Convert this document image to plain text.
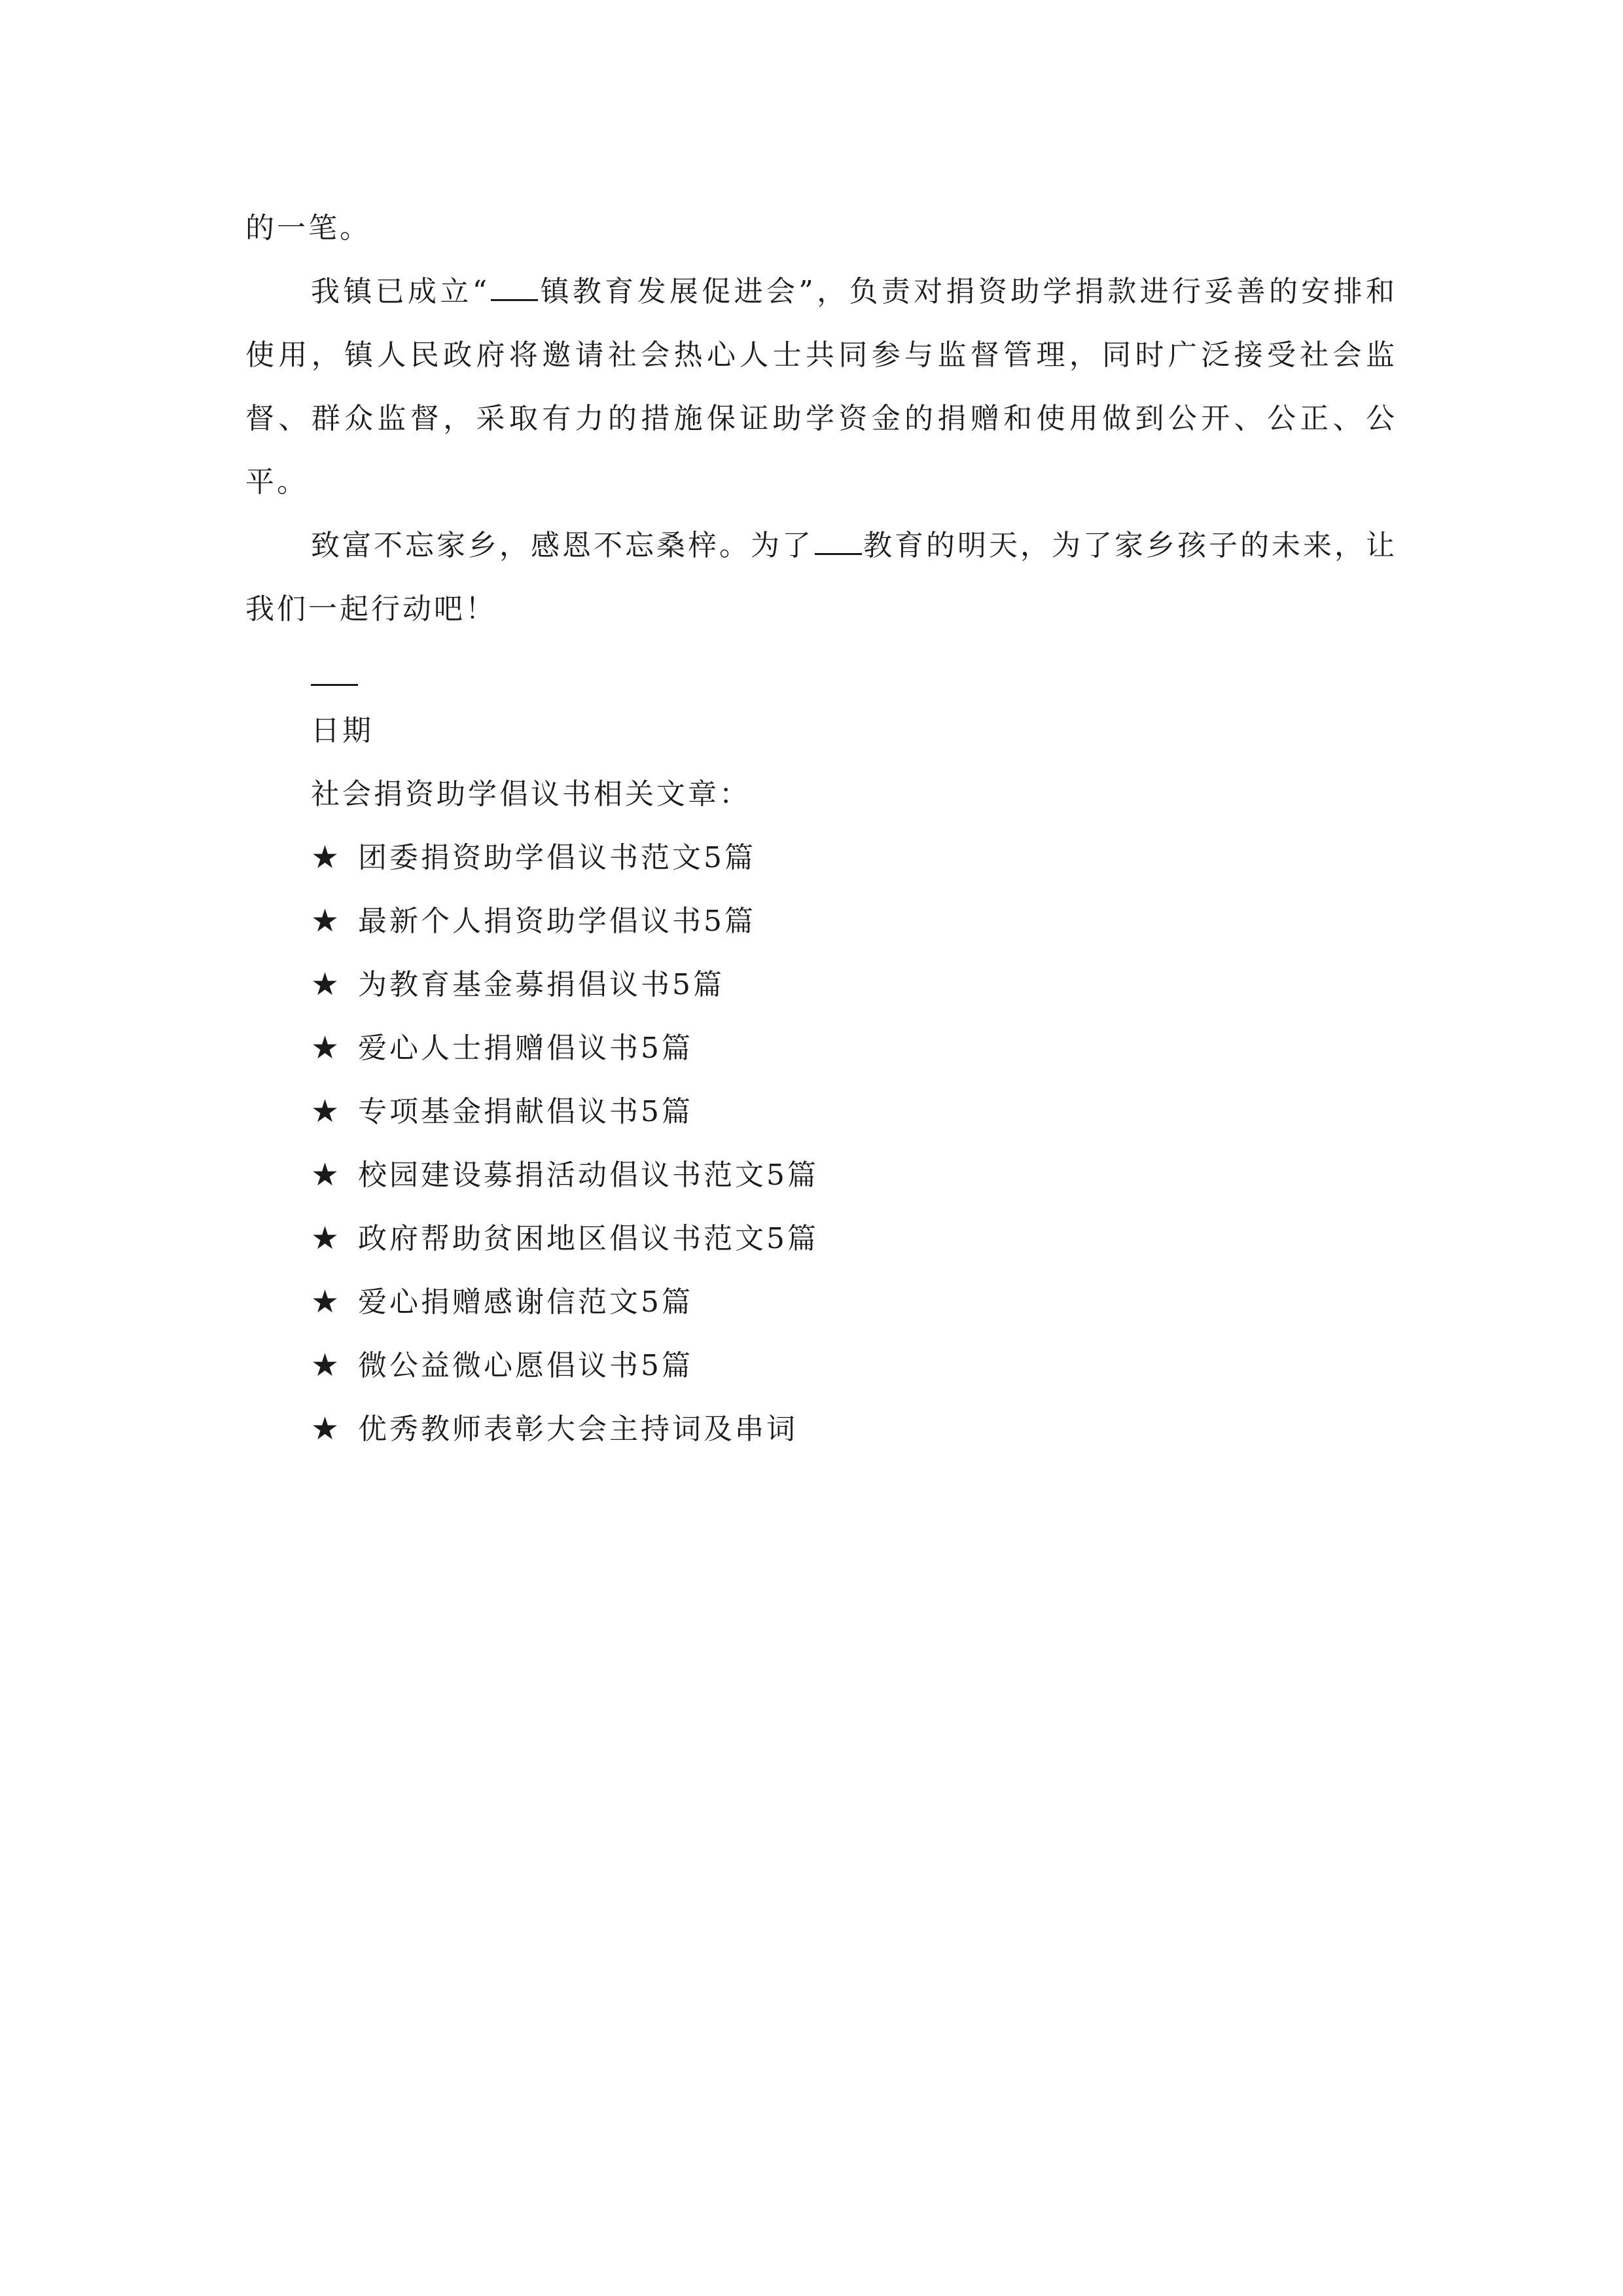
的一笔。

我镇已成立“ 镇教育发展促进会”，负责对捐资助学捐款进行妥善的安排和使用，镇人民政府将邀请社会热心人士共同参与监督管理，同时广泛接受社会监督、群众监督，采取有力的措施保证助学资金的捐赠和使用做到公开、公正、公平。

致富不忘家乡，感恩不忘桑梓。为了 教育的明天，为了家乡孩子的未来，让我们一起行动吧！

日期
社会捐资助学倡议书相关文章：
★ 团委捐资助学倡议书范文5篇
★ 最新个人捐资助学倡议书5篇
★ 为教育基金募捐倡议书5篇
★ 爱心人士捐赠倡议书5篇
★ 专项基金捐献倡议书5篇
★ 校园建设募捐活动倡议书范文5篇
★ 政府帮助贫困地区倡议书范文5篇
★ 爱心捐赠感谢信范文5篇
★ 微公益微心愿倡议书5篇
★ 优秀教师表彰大会主持词及串词
